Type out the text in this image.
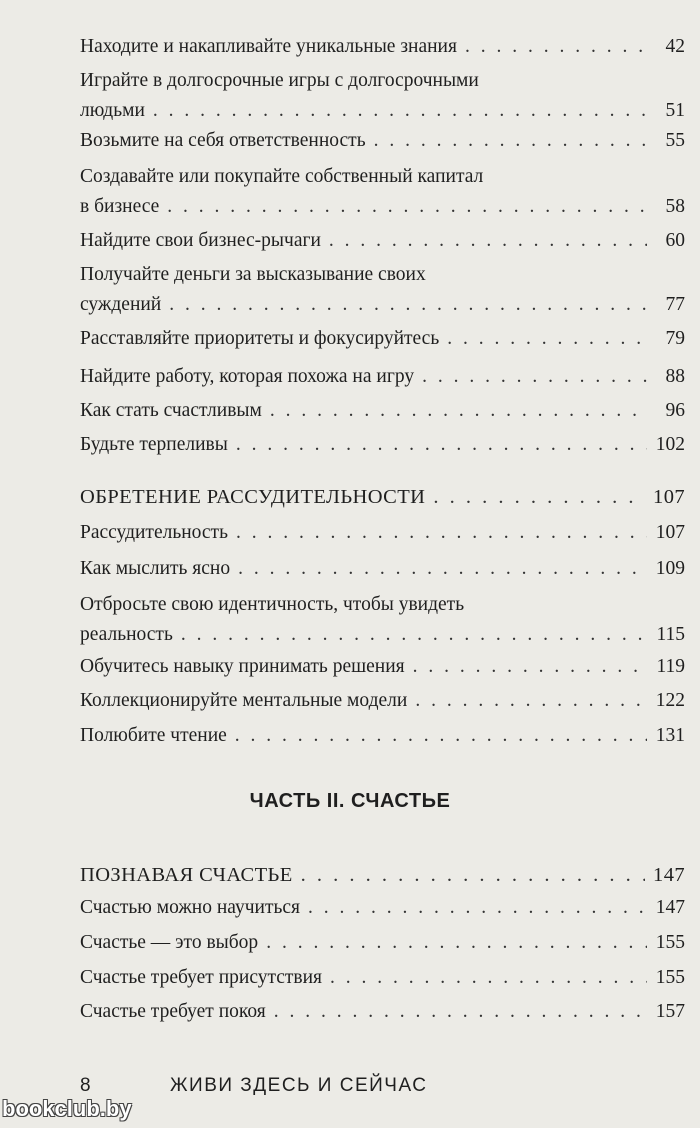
Находите и накапливайте уникальные знания . . .	42
Играйте в долгосрочные игры с долгосрочными
людьми . . .	51
Возьмите на себя ответственность . . .	55
Создавайте или покупайте собственный капитал
в бизнесе . . .	58
Найдите свои бизнес-рычаги . . .	60
Получайте деньги за высказывание своих
суждений . . .	77
Расставляйте приоритеты и фокусируйтесь . . .	79
Найдите работу, которая похожа на игру . . .	88
Как стать счастливым . . .	96
Будьте терпеливы . . .	102
ОБРЕТЕНИЕ РАССУДИТЕЛЬНОСТИ . . .	107
Рассудительность . . .	107
Как мыслить ясно . . .	109
Отбросьте свою идентичность, чтобы увидеть
реальность . . .	115
Обучитесь навыку принимать решения . . .	119
Коллекционируйте ментальные модели . . .	122
Полюбите чтение . . .	131
ПОЗНАВАЯ СЧАСТЬЕ . . .	147
Счастью можно научиться . . .	147
Счастье — это выбор . . .	155
Счастье требует присутствия . . .	155
Счастье требует покоя . . .	157
ЧАСТЬ II. СЧАСТЬЕ
8	ЖИВИ ЗДЕСЬ И СЕЙЧАС
bookclub.by
